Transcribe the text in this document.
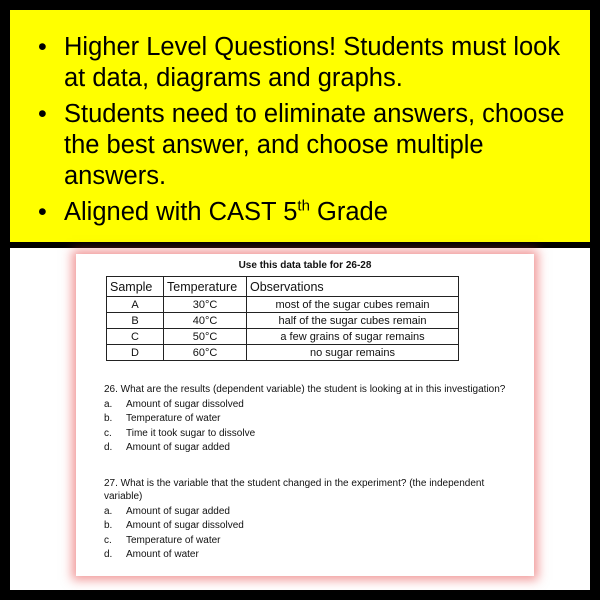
• Higher Level Questions! Students must look at data, diagrams and graphs.
• Students need to eliminate answers, choose the best answer, and choose multiple answers.
• Aligned with CAST 5th Grade
Use this data table for 26-28
Sample	Temperature	Observations
A	30°C	most of the sugar cubes remain
B	40°C	half of the sugar cubes remain
C	50°C	a few grains of sugar remains
D	60°C	no sugar remains

26. What are the results (dependent variable) the student is looking at in this investigation?

a.	Amount of sugar dissolved
b.	Temperature of water
c.	Time it took sugar to dissolve
d.	Amount of sugar added

27. What is the variable that the student changed in the experiment? (the independent variable)

a.	Amount of sugar added
b.	Amount of sugar dissolved
c.	Temperature of water
d.	Amount of water
